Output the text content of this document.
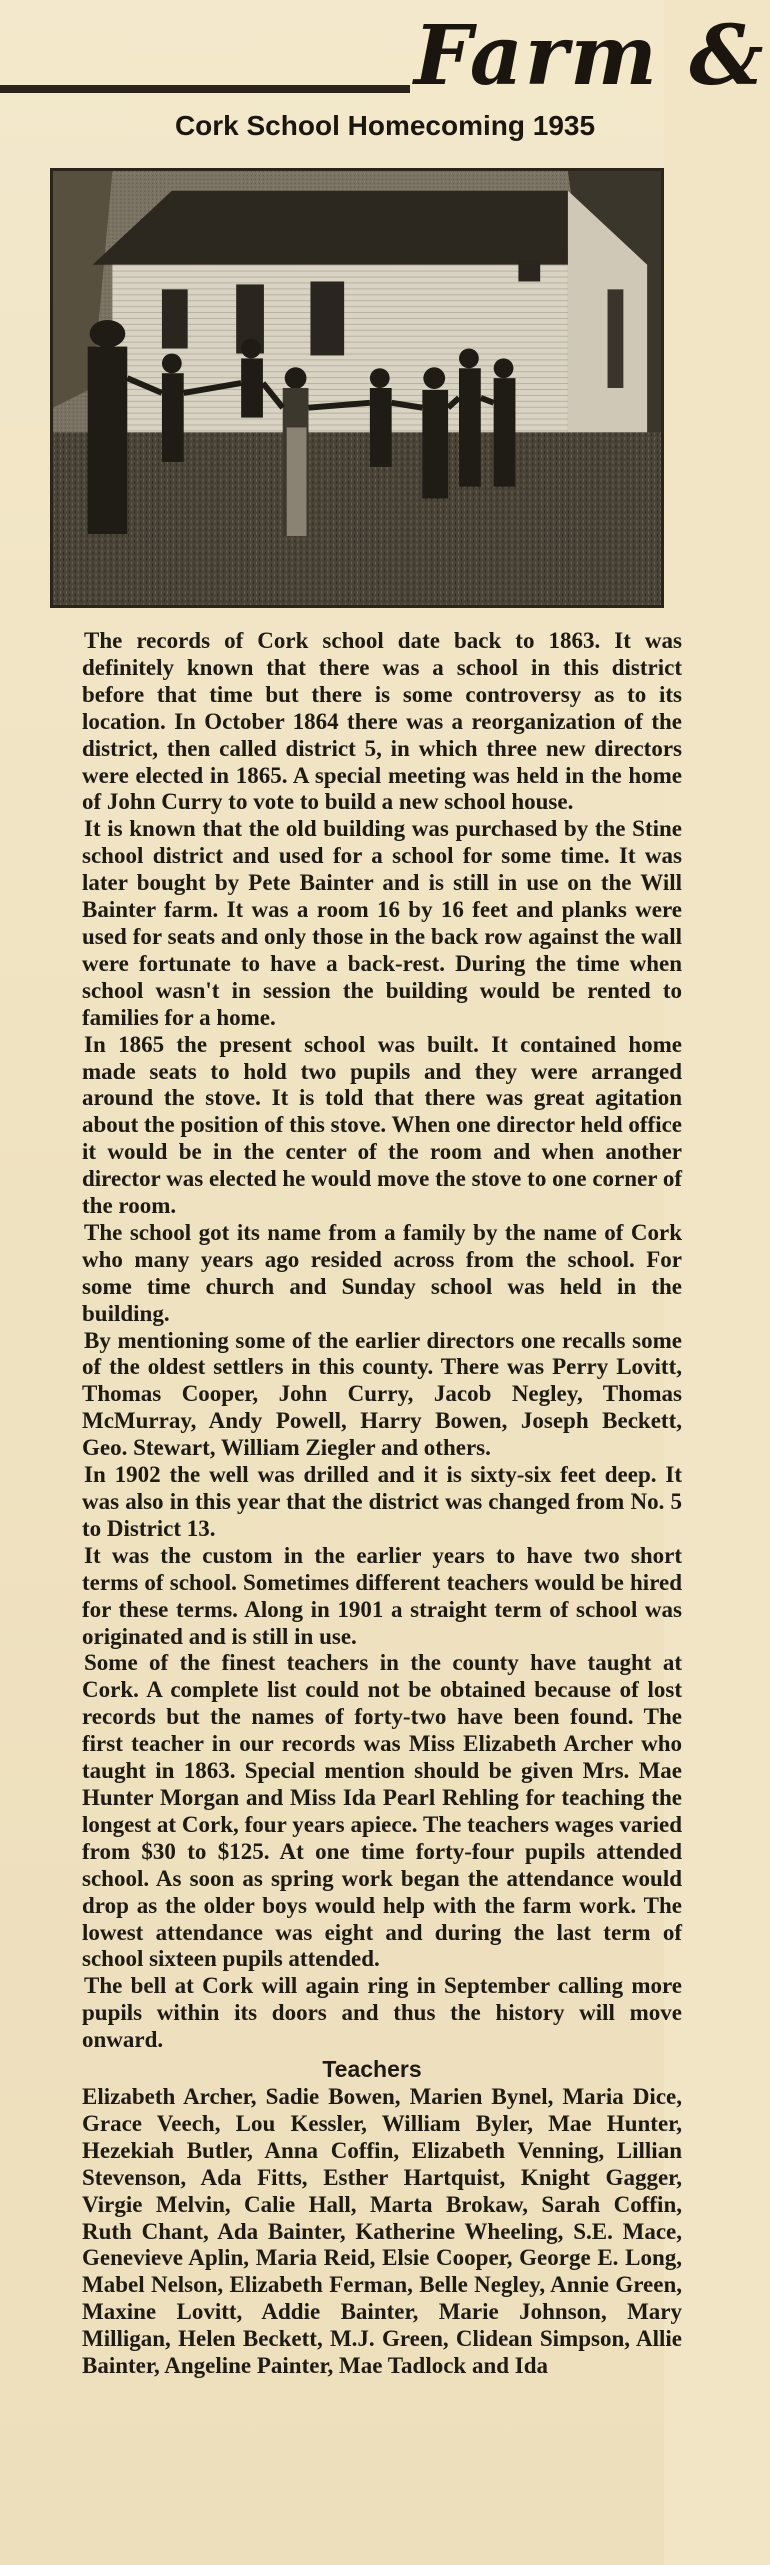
Farm &
Cork School Homecoming 1935

The records of Cork school date back to 1863. It was definitely known that there was a school in this district before that time but there is some controversy as to its location. In October 1864 there was a reorganization of the district, then called district 5, in which three new directors were elected in 1865. A special meeting was held in the home of John Curry to vote to build a new school house.

It is known that the old building was purchased by the Stine school district and used for a school for some time. It was later bought by Pete Bainter and is still in use on the Will Bainter farm. It was a room 16 by 16 feet and planks were used for seats and only those in the back row against the wall were fortunate to have a back-rest. During the time when school wasn't in session the building would be rented to families for a home.

In 1865 the present school was built. It contained home made seats to hold two pupils and they were arranged around the stove. It is told that there was great agitation about the position of this stove. When one director held office it would be in the center of the room and when another director was elected he would move the stove to one corner of the room.

The school got its name from a family by the name of Cork who many years ago resided across from the school. For some time church and Sunday school was held in the building.

By mentioning some of the earlier directors one recalls some of the oldest settlers in this county. There was Perry Lovitt, Thomas Cooper, John Curry, Jacob Negley, Thomas McMurray, Andy Powell, Harry Bowen, Joseph Beckett, Geo. Stewart, William Ziegler and others.

In 1902 the well was drilled and it is sixty-six feet deep. It was also in this year that the district was changed from No. 5 to District 13.

It was the custom in the earlier years to have two short terms of school. Sometimes different teachers would be hired for these terms. Along in 1901 a straight term of school was originated and is still in use.

Some of the finest teachers in the county have taught at Cork. A complete list could not be obtained because of lost records but the names of forty-two have been found. The first teacher in our records was Miss Elizabeth Archer who taught in 1863. Special mention should be given Mrs. Mae Hunter Morgan and Miss Ida Pearl Rehling for teaching the longest at Cork, four years apiece. The teachers wages varied from $30 to $125. At one time forty-four pupils attended school. As soon as spring work began the attendance would drop as the older boys would help with the farm work. The lowest attendance was eight and during the last term of school sixteen pupils attended.

The bell at Cork will again ring in September calling more pupils within its doors and thus the history will move onward.

Teachers

Elizabeth Archer, Sadie Bowen, Marien Bynel, Maria Dice, Grace Veech, Lou Kessler, William Byler, Mae Hunter, Hezekiah Butler, Anna Coffin, Elizabeth Venning, Lillian Stevenson, Ada Fitts, Esther Hartquist, Knight Gagger, Virgie Melvin, Calie Hall, Marta Brokaw, Sarah Coffin, Ruth Chant, Ada Bainter, Katherine Wheeling, S.E. Mace, Genevieve Aplin, Maria Reid, Elsie Cooper, George E. Long, Mabel Nelson, Elizabeth Ferman, Belle Negley, Annie Green, Maxine Lovitt, Addie Bainter, Marie Johnson, Mary Milligan, Helen Beckett, M.J. Green, Clidean Simpson, Allie Bainter, Angeline Painter, Mae Tadlock and Ida
